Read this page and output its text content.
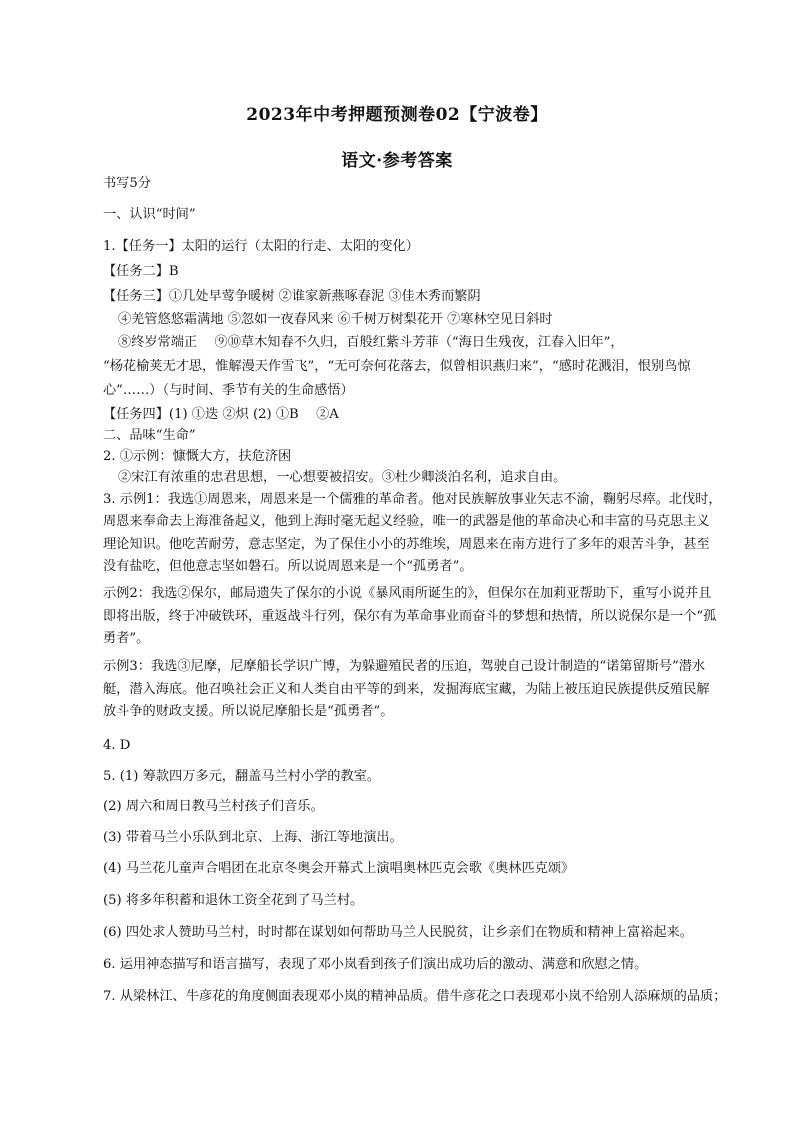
2023年中考押题预测卷02【宁波卷】
语文·参考答案
书写5分
一、认识“时间”
1.【任务一】太阳的运行（太阳的行走、太阳的变化）
【任务二】B
【任务三】①几处早莺争暖树 ②谁家新燕啄春泥 ③佳木秀而繁阴
④羌管悠悠霜满地 ⑤忽如一夜春风来 ⑥千树万树梨花开 ⑦寒林空见日斜时
⑧终岁常端正　 ⑨⑩草木知春不久归，百般红紫斗芳菲（“海日生残夜，江春入旧年”，
“杨花榆荚无才思，惟解漫天作雪飞”，“无可奈何花落去，似曾相识燕归来”，“感时花溅泪，恨别鸟惊
心”……）（与时间、季节有关的生命感悟）
【任务四】(1) ①迭 ②炽 (2) ①B　 ②A
二、品味“生命”
2. ①示例：慷慨大方，扶危济困
②宋江有浓重的忠君思想，一心想要被招安。③杜少卿淡泊名利，追求自由。
3. 示例1：我选①周恩来，周恩来是一个儒雅的革命者。他对民族解放事业矢志不渝，鞠躬尽瘁。北伐时，
周恩来奉命去上海准备起义，他到上海时毫无起义经验，唯一的武器是他的革命决心和丰富的马克思主义
理论知识。他吃苦耐劳，意志坚定，为了保住小小的苏维埃，周恩来在南方进行了多年的艰苦斗争，甚至
没有盐吃，但他意志坚如磐石。所以说周恩来是一个“孤勇者”。
示例2：我选②保尔，邮局遗失了保尔的小说《暴风雨所诞生的》，但保尔在加莉亚帮助下，重写小说并且
即将出版，终于冲破铁环，重返战斗行列，保尔有为革命事业而奋斗的梦想和热情，所以说保尔是一个“孤
勇者”。
示例3：我选③尼摩，尼摩船长学识广博，为躲避殖民者的压迫，驾驶自己设计制造的“诺第留斯号”潜水
艇，潜入海底。他召唤社会正义和人类自由平等的到来，发掘海底宝藏，为陆上被压迫民族提供反殖民解
放斗争的财政支援。所以说尼摩船长是“孤勇者”。
4. D
5. (1) 筹款四万多元，翻盖马兰村小学的教室。
(2) 周六和周日教马兰村孩子们音乐。
(3) 带着马兰小乐队到北京、上海、浙江等地演出。
(4) 马兰花儿童声合唱团在北京冬奥会开幕式上演唱奥林匹克会歌《奥林匹克颂》
(5) 将多年积蓄和退休工资全花到了马兰村。
(6) 四处求人赞助马兰村，时时都在谋划如何帮助马兰人民脱贫，让乡亲们在物质和精神上富裕起来。
6. 运用神态描写和语言描写，表现了邓小岚看到孩子们演出成功后的激动、满意和欣慰之情。
7. 从梁林江、牛彦花的角度侧面表现邓小岚的精神品质。借牛彦花之口表现邓小岚不给别人添麻烦的品质；
